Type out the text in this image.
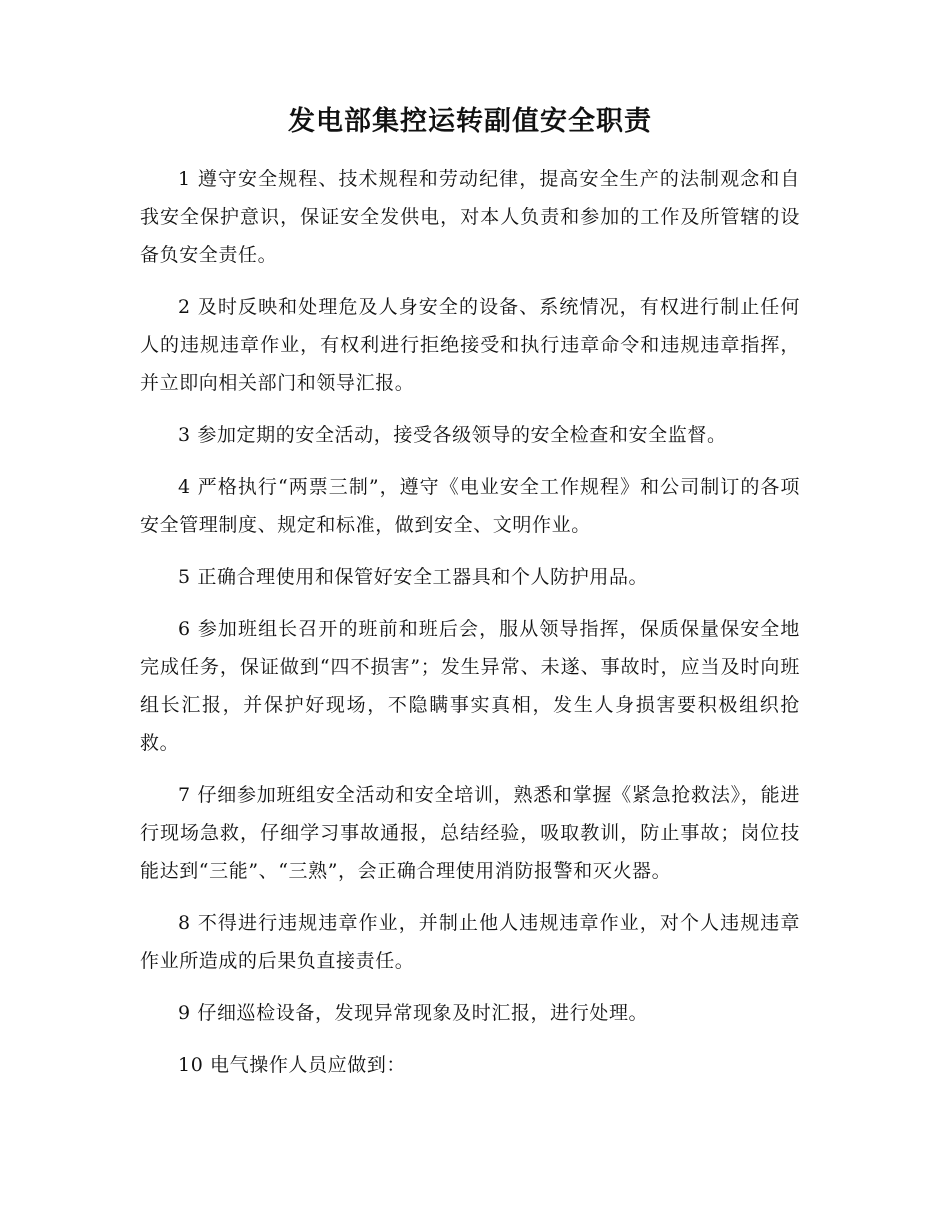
发电部集控运转副值安全职责

1 遵守安全规程、技术规程和劳动纪律，提高安全生产的法制观念和自我安全保护意识，保证安全发供电，对本人负责和参加的工作及所管辖的设备负安全责任。

2 及时反映和处理危及人身安全的设备、系统情况，有权进行制止任何人的违规违章作业，有权利进行拒绝接受和执行违章命令和违规违章指挥，并立即向相关部门和领导汇报。

3 参加定期的安全活动，接受各级领导的安全检查和安全监督。

4 严格执行“两票三制”，遵守《电业安全工作规程》和公司制订的各项安全管理制度、规定和标准，做到安全、文明作业。

5 正确合理使用和保管好安全工器具和个人防护用品。

6 参加班组长召开的班前和班后会，服从领导指挥，保质保量保安全地完成任务，保证做到“四不损害”；发生异常、未遂、事故时，应当及时向班组长汇报，并保护好现场，不隐瞒事实真相，发生人身损害要积极组织抢救。

7 仔细参加班组安全活动和安全培训，熟悉和掌握《紧急抢救法》，能进行现场急救，仔细学习事故通报，总结经验，吸取教训，防止事故；岗位技能达到“三能”、“三熟”，会正确合理使用消防报警和灭火器。

8 不得进行违规违章作业，并制止他人违规违章作业，对个人违规违章作业所造成的后果负直接责任。

9 仔细巡检设备，发现异常现象及时汇报，进行处理。

10 电气操作人员应做到：
